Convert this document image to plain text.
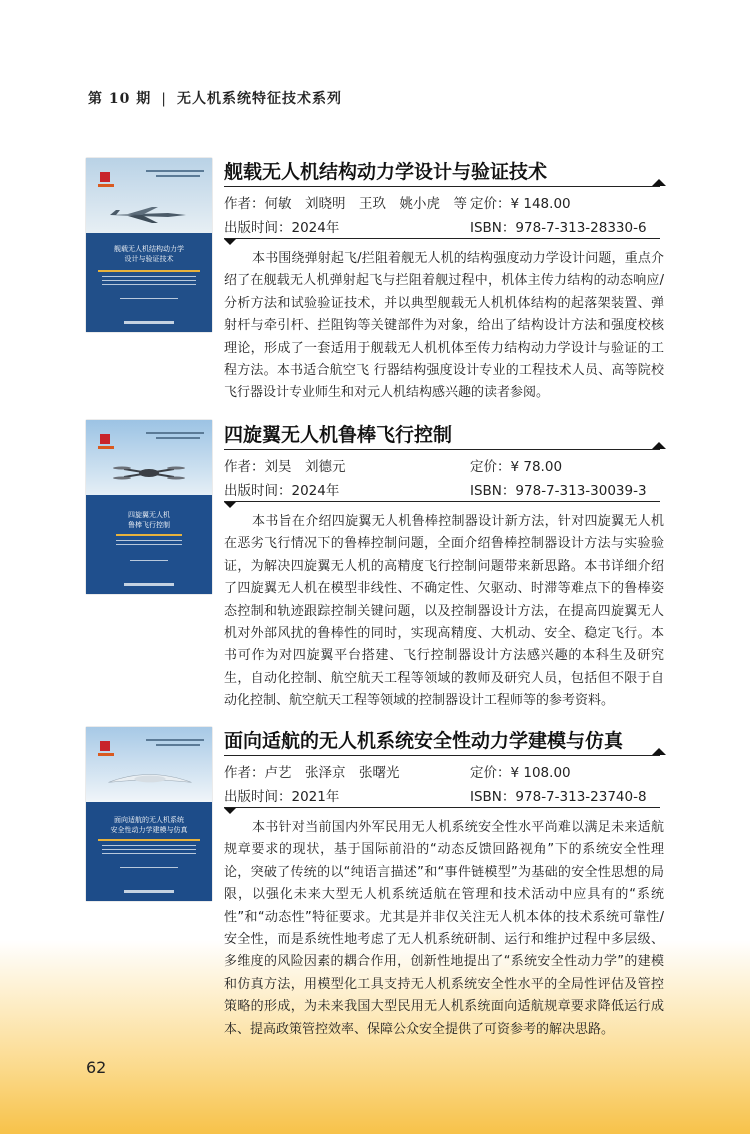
第 10 期 | 无人机系统特征技术系列
舰载无人机结构动力学
设计与验证技术
舰载无人机结构动力学设计与验证技术
作者：何敏　刘晓明　王玖　姚小虎　等 定价：¥ 148.00
出版时间：2024年	ISBN：978-7-313-28330-6
本书围绕弹射起飞/拦阻着舰无人机的结构强度动力学设计问题，重点介绍了在舰载无人机弹射起飞与拦阻着舰过程中，机体主传力结构的动态响应/分析方法和试验验证技术，并以典型舰载无人机机体结构的起落架装置、弹射杆与牵引杆、拦阻钩等关键部件为对象，给出了结构设计方法和强度校核理论，形成了一套适用于舰载无人机机体至传力结构动力学设计与验证的工程方法。本书适合航空飞 行器结构强度设计专业的工程技术人员、高等院校飞行器设计专业师生和对元人机结构感兴趣的读者参阅。
四旋翼无人机
鲁棒飞行控制
四旋翼无人机鲁棒飞行控制
作者：刘昊　刘德元	定价：¥ 78.00
出版时间：2024年	ISBN：978-7-313-30039-3
本书旨在介绍四旋翼无人机鲁棒控制器设计新方法，针对四旋翼无人机在恶劣飞行情况下的鲁棒控制问题，全面介绍鲁棒控制器设计方法与实验验证，为解决四旋翼无人机的高精度飞行控制问题带来新思路。本书详细介绍了四旋翼无人机在模型非线性、不确定性、欠驱动、时滞等难点下的鲁棒姿态控制和轨迹跟踪控制关键问题，以及控制器设计方法，在提高四旋翼无人机对外部风扰的鲁棒性的同时，实现高精度、大机动、安全、稳定飞行。本书可作为对四旋翼平台搭建、飞行控制器设计方法感兴趣的本科生及研究生，自动化控制、航空航天工程等领域的教师及研究人员，包括但不限于自动化控制、航空航天工程等领域的控制器设计工程师等的参考资料。
面向适航的无人机系统
安全性动力学建模与仿真
面向适航的无人机系统安全性动力学建模与仿真
作者：卢艺　张泽京　张曙光	定价：¥ 108.00
出版时间：2021年	ISBN：978-7-313-23740-8
本书针对当前国内外军民用无人机系统安全性水平尚难以满足未来适航规章要求的现状，基于国际前沿的“动态反馈回路视角”下的系统安全性理论，突破了传统的以“纯语言描述”和“事件链模型”为基础的安全性思想的局限，以强化未来大型无人机系统适航在管理和技术活动中应具有的“系统性”和“动态性”特征要求。尤其是并非仅关注无人机本体的技术系统可靠性/安全性，而是系统性地考虑了无人机系统研制、运行和维护过程中多层级、多维度的风险因素的耦合作用，创新性地提出了“系统安全性动力学”的建模和仿真方法，用模型化工具支持无人机系统安全性水平的全局性评估及管控策略的形成，为未来我国大型民用无人机系统面向适航规章要求降低运行成本、提高政策管控效率、保障公众安全提供了可资参考的解决思路。
62
